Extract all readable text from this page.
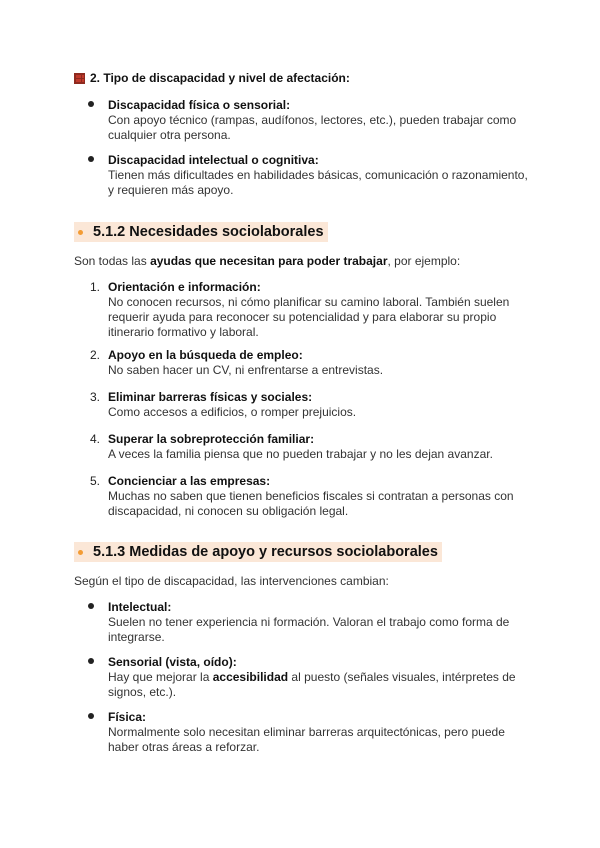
2. Tipo de discapacidad y nivel de afectación:
Discapacidad física o sensorial:
Con apoyo técnico (rampas, audífonos, lectores, etc.), pueden trabajar como cualquier otra persona.
Discapacidad intelectual o cognitiva:
Tienen más dificultades en habilidades básicas, comunicación o razonamiento, y requieren más apoyo.
5.1.2 Necesidades sociolaborales
Son todas las ayudas que necesitan para poder trabajar, por ejemplo:
1. Orientación e información:
No conocen recursos, ni cómo planificar su camino laboral. También suelen requerir ayuda para reconocer su potencialidad y para elaborar su propio itinerario formativo y laboral.
2. Apoyo en la búsqueda de empleo:
No saben hacer un CV, ni enfrentarse a entrevistas.
3. Eliminar barreras físicas y sociales:
Como accesos a edificios, o romper prejuicios.
4. Superar la sobreprotección familiar:
A veces la familia piensa que no pueden trabajar y no les dejan avanzar.
5. Concienciar a las empresas:
Muchas no saben que tienen beneficios fiscales si contratan a personas con discapacidad, ni conocen su obligación legal.
5.1.3 Medidas de apoyo y recursos sociolaborales
Según el tipo de discapacidad, las intervenciones cambian:
Intelectual:
Suelen no tener experiencia ni formación. Valoran el trabajo como forma de integrarse.
Sensorial (vista, oído):
Hay que mejorar la accesibilidad al puesto (señales visuales, intérpretes de signos, etc.).
Física:
Normalmente solo necesitan eliminar barreras arquitectónicas, pero puede haber otras áreas a reforzar.
